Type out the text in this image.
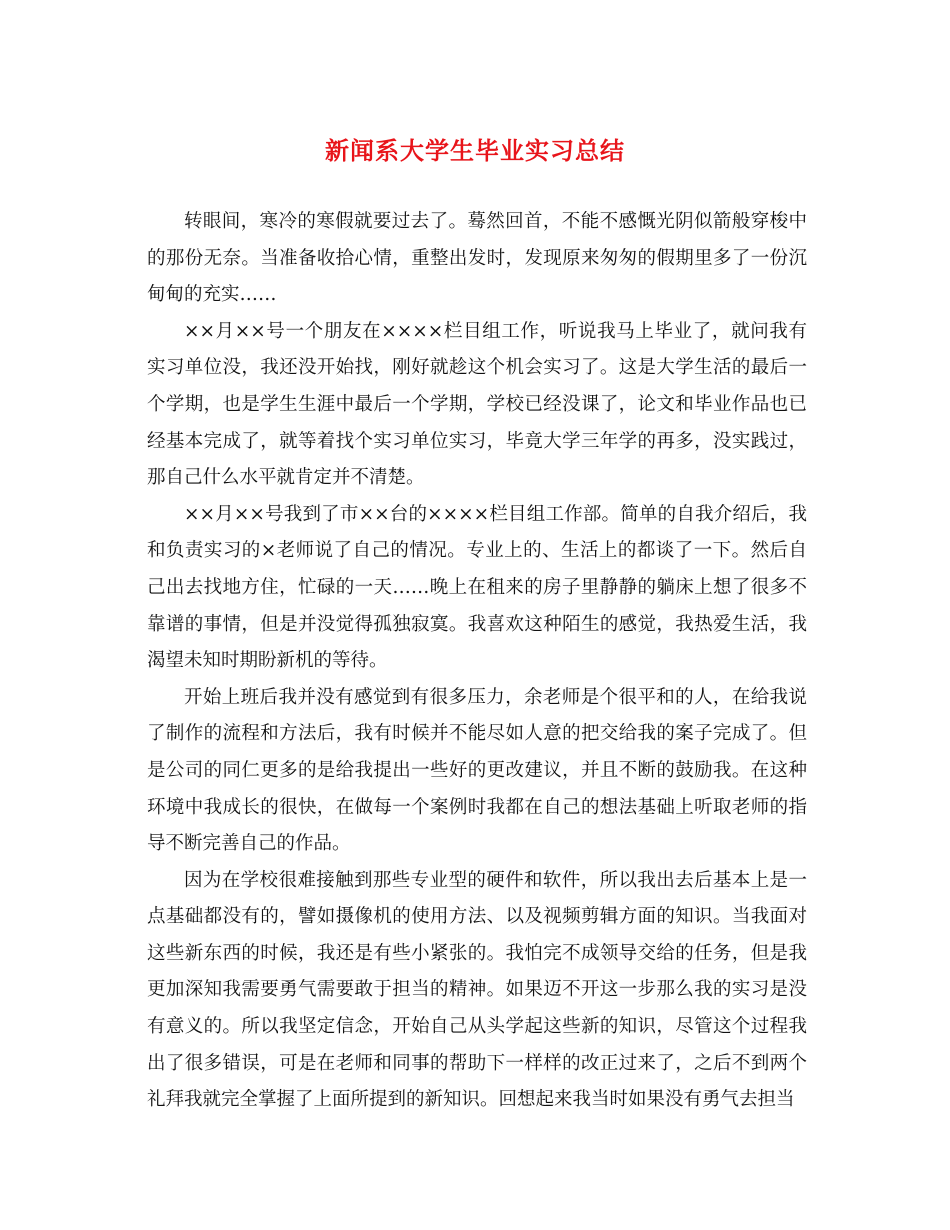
新闻系大学生毕业实习总结

转眼间，寒冷的寒假就要过去了。蓦然回首，不能不感慨光阴似箭般穿梭中的那份无奈。当准备收拾心情，重整出发时，发现原来匆匆的假期里多了一份沉甸甸的充实……

××月××号一个朋友在××××栏目组工作，听说我马上毕业了，就问我有实习单位没，我还没开始找，刚好就趁这个机会实习了。这是大学生活的最后一个学期，也是学生生涯中最后一个学期，学校已经没课了，论文和毕业作品也已经基本完成了，就等着找个实习单位实习，毕竟大学三年学的再多，没实践过，那自己什么水平就肯定并不清楚。

××月××号我到了市××台的××××栏目组工作部。简单的自我介绍后，我和负责实习的×老师说了自己的情况。专业上的、生活上的都谈了一下。然后自己出去找地方住，忙碌的一天……晚上在租来的房子里静静的躺床上想了很多不靠谱的事情，但是并没觉得孤独寂寞。我喜欢这种陌生的感觉，我热爱生活，我渴望未知时期盼新机的等待。

开始上班后我并没有感觉到有很多压力，余老师是个很平和的人，在给我说了制作的流程和方法后，我有时候并不能尽如人意的把交给我的案子完成了。但是公司的同仁更多的是给我提出一些好的更改建议，并且不断的鼓励我。在这种环境中我成长的很快，在做每一个案例时我都在自己的想法基础上听取老师的指导不断完善自己的作品。

因为在学校很难接触到那些专业型的硬件和软件，所以我出去后基本上是一点基础都没有的，譬如摄像机的使用方法、以及视频剪辑方面的知识。当我面对这些新东西的时候，我还是有些小紧张的。我怕完不成领导交给的任务，但是我更加深知我需要勇气需要敢于担当的精神。如果迈不开这一步那么我的实习是没有意义的。所以我坚定信念，开始自己从头学起这些新的知识，尽管这个过程我出了很多错误，可是在老师和同事的帮助下一样样的改正过来了，之后不到两个礼拜我就完全掌握了上面所提到的新知识。回想起来我当时如果没有勇气去担当
